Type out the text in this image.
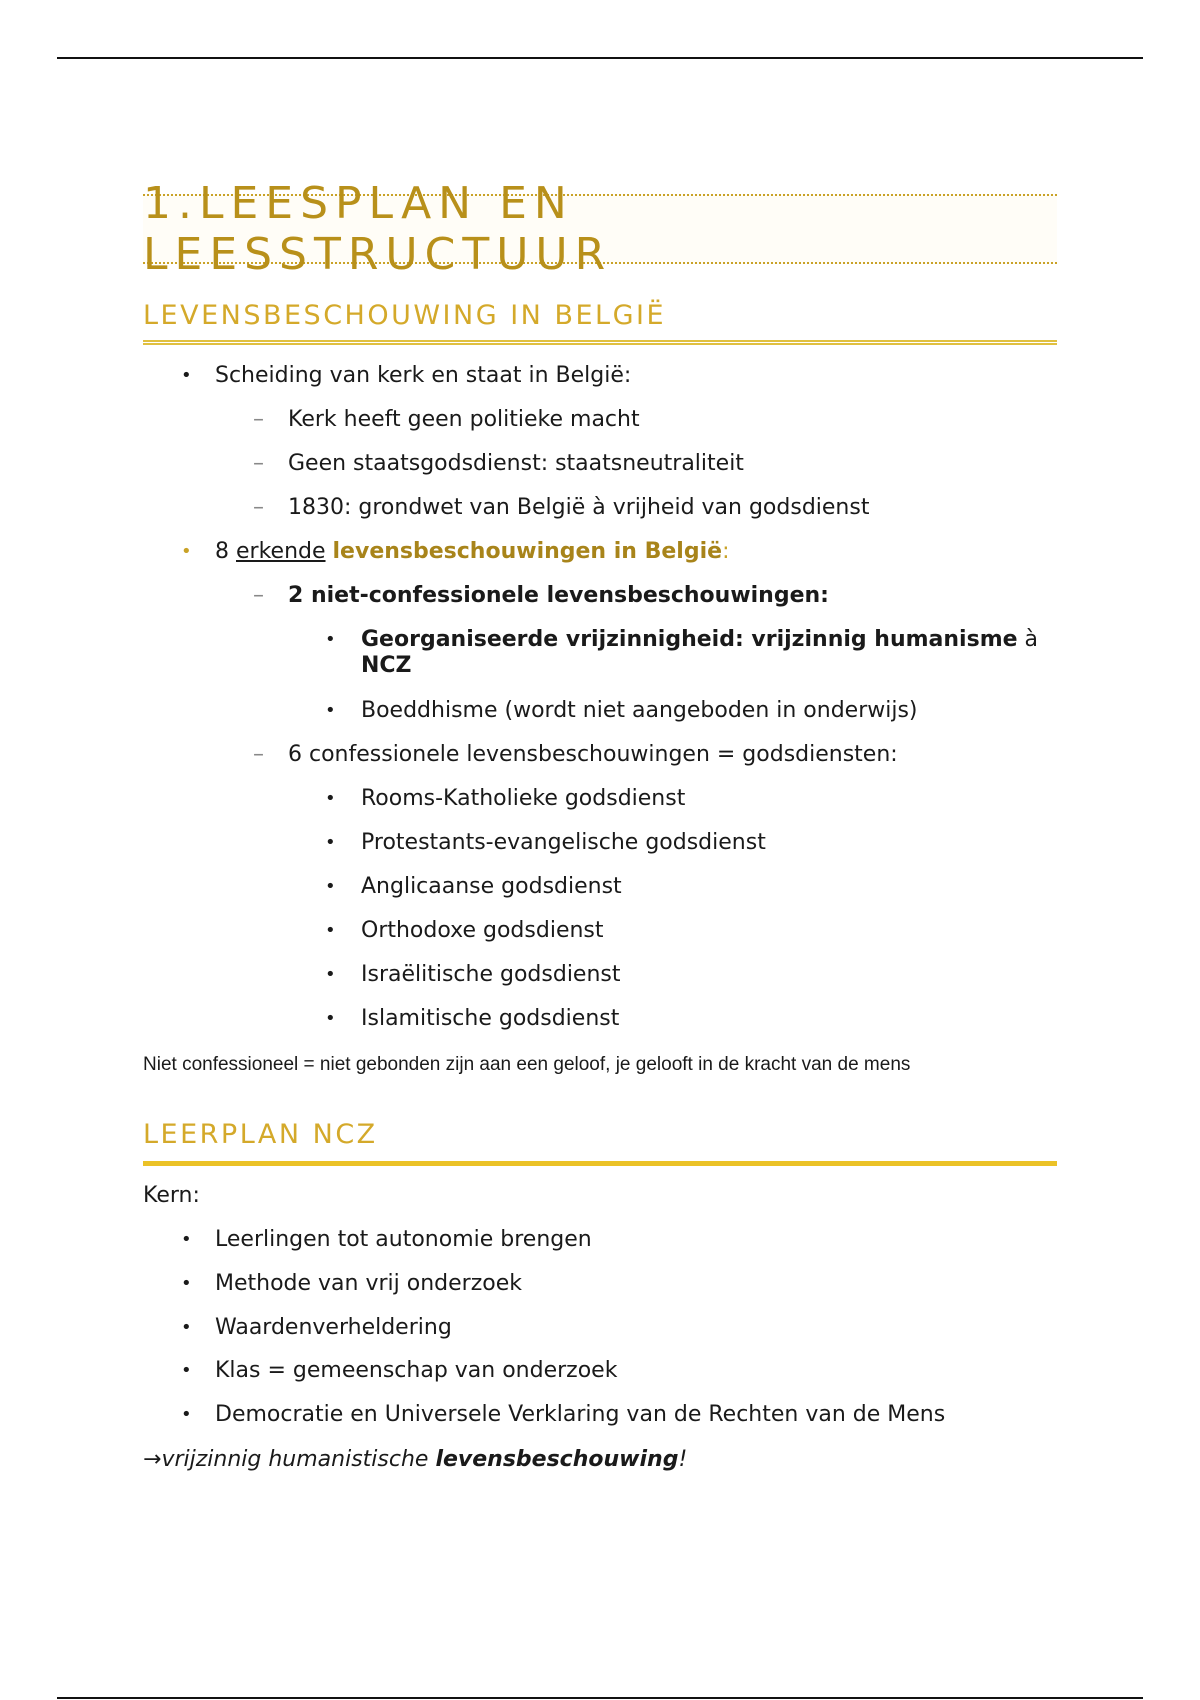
1.LEESPLAN EN LEESSTRUCTUUR
LEVENSBESCHOUWING IN BELGIË
• Scheiding van kerk en staat in België:
– Kerk heeft geen politieke macht
– Geen staatsgodsdienst: staatsneutraliteit
– 1830: grondwet van België à vrijheid van godsdienst
• 8 erkende levensbeschouwingen in België:
– 2 niet-confessionele levensbeschouwingen:
• Georganiseerde vrijzinnigheid: vrijzinnig humanisme à
NCZ
• Boeddhisme (wordt niet aangeboden in onderwijs)
– 6 confessionele levensbeschouwingen = godsdiensten:
• Rooms-Katholieke godsdienst
• Protestants-evangelische godsdienst
• Anglicaanse godsdienst
• Orthodoxe godsdienst
• Israëlitische godsdienst
• Islamitische godsdienst
Niet confessioneel = niet gebonden zijn aan een geloof, je gelooft in de kracht van de mens
LEERPLAN NCZ
Kern:
• Leerlingen tot autonomie brengen
• Methode van vrij onderzoek
• Waardenverheldering
• Klas = gemeenschap van onderzoek
• Democratie en Universele Verklaring van de Rechten van de Mens
→vrijzinnig humanistische levensbeschouwing!
